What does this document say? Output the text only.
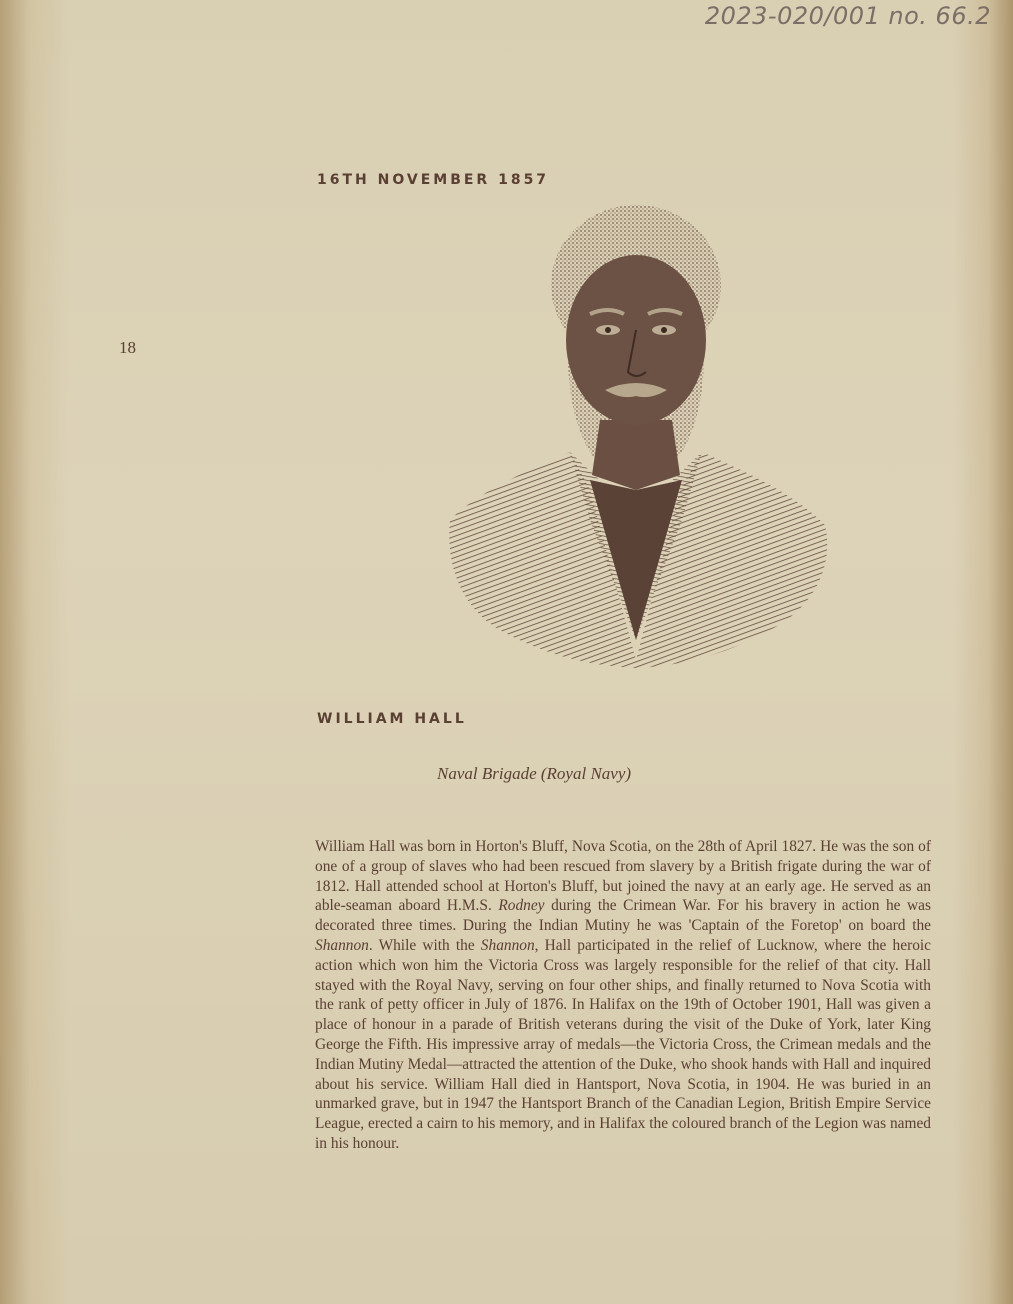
2023-020/001 no. 66.2
16TH NOVEMBER 1857
18
WILLIAM HALL
Naval Brigade (Royal Navy)

William Hall was born in Horton's Bluff, Nova Scotia, on the 28th of April 1827. He was the son of one of a group of slaves who had been rescued from slavery by a British frigate during the war of 1812. Hall attended school at Horton's Bluff, but joined the navy at an early age. He served as an able-seaman aboard H.M.S. Rodney during the Crimean War. For his bravery in action he was decorated three times. During the Indian Mutiny he was 'Captain of the Foretop' on board the Shannon. While with the Shannon, Hall participated in the relief of Lucknow, where the heroic action which won him the Victoria Cross was largely responsible for the relief of that city. Hall stayed with the Royal Navy, serving on four other ships, and finally returned to Nova Scotia with the rank of petty officer in July of 1876. In Halifax on the 19th of October 1901, Hall was given a place of honour in a parade of British veterans during the visit of the Duke of York, later King George the Fifth. His impressive array of medals—the Victoria Cross, the Crimean medals and the Indian Mutiny Medal—attracted the attention of the Duke, who shook hands with Hall and inquired about his service. William Hall died in Hantsport, Nova Scotia, in 1904. He was buried in an unmarked grave, but in 1947 the Hantsport Branch of the Canadian Legion, British Empire Service League, erected a cairn to his memory, and in Halifax the coloured branch of the Legion was named in his honour.
